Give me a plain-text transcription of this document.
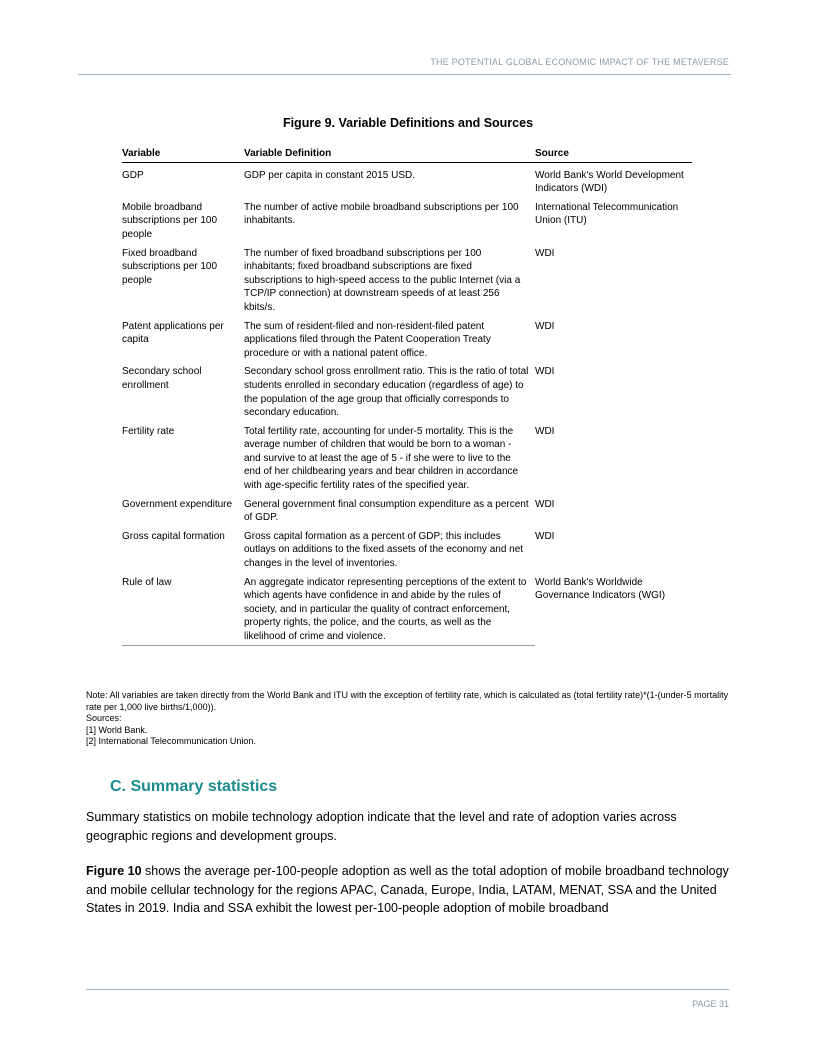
THE POTENTIAL GLOBAL ECONOMIC IMPACT OF THE METAVERSE
Figure 9. Variable Definitions and Sources
Variable	Variable Definition	Source

GDP	GDP per capita in constant 2015 USD.	World Bank's World Development Indicators (WDI)
Mobile broadband subscriptions per 100 people	The number of active mobile broadband subscriptions per 100 inhabitants.	International Telecommunication Union (ITU)
Fixed broadband subscriptions per 100 people	The number of fixed broadband subscriptions per 100 inhabitants; fixed broadband subscriptions are fixed subscriptions to high-speed access to the public Internet (via a TCP/IP connection) at downstream speeds of at least 256 kbits/s.	WDI
Patent applications per capita	The sum of resident-filed and non-resident-filed patent applications filed through the Patent Cooperation Treaty procedure or with a national patent office.	WDI
Secondary school enrollment	Secondary school gross enrollment ratio. This is the ratio of total students enrolled in secondary education (regardless of age) to the population of the age group that officially corresponds to secondary education.	WDI
Fertility rate	Total fertility rate, accounting for under-5 mortality. This is the average number of children that would be born to a woman - and survive to at least the age of 5 - if she were to live to the end of her childbearing years and bear children in accordance with age-specific fertility rates of the specified year.	WDI
Government expenditure	General government final consumption expenditure as a percent of GDP.	WDI
Gross capital formation	Gross capital formation as a percent of GDP; this includes outlays on additions to the fixed assets of the economy and net changes in the level of inventories.	WDI
Rule of law	An aggregate indicator representing perceptions of the extent to which agents have confidence in and abide by the rules of society, and in particular the quality of contract enforcement, property rights, the police, and the courts, as well as the likelihood of crime and violence.	World Bank's Worldwide Governance Indicators (WGI)
Note: All variables are taken directly from the World Bank and ITU with the exception of fertility rate, which is calculated as (total fertility rate)*(1-(under-5 mortality rate per 1,000 live births/1,000)).
Sources:
[1] World Bank.
[2] International Telecommunication Union.
C. Summary statistics

Summary statistics on mobile technology adoption indicate that the level and rate of adoption varies across geographic regions and development groups.

Figure 10 shows the average per-100-people adoption as well as the total adoption of mobile broadband technology and mobile cellular technology for the regions APAC, Canada, Europe, India, LATAM, MENAT, SSA and the United States in 2019. India and SSA exhibit the lowest per-100-people adoption of mobile broadband

PAGE 31
